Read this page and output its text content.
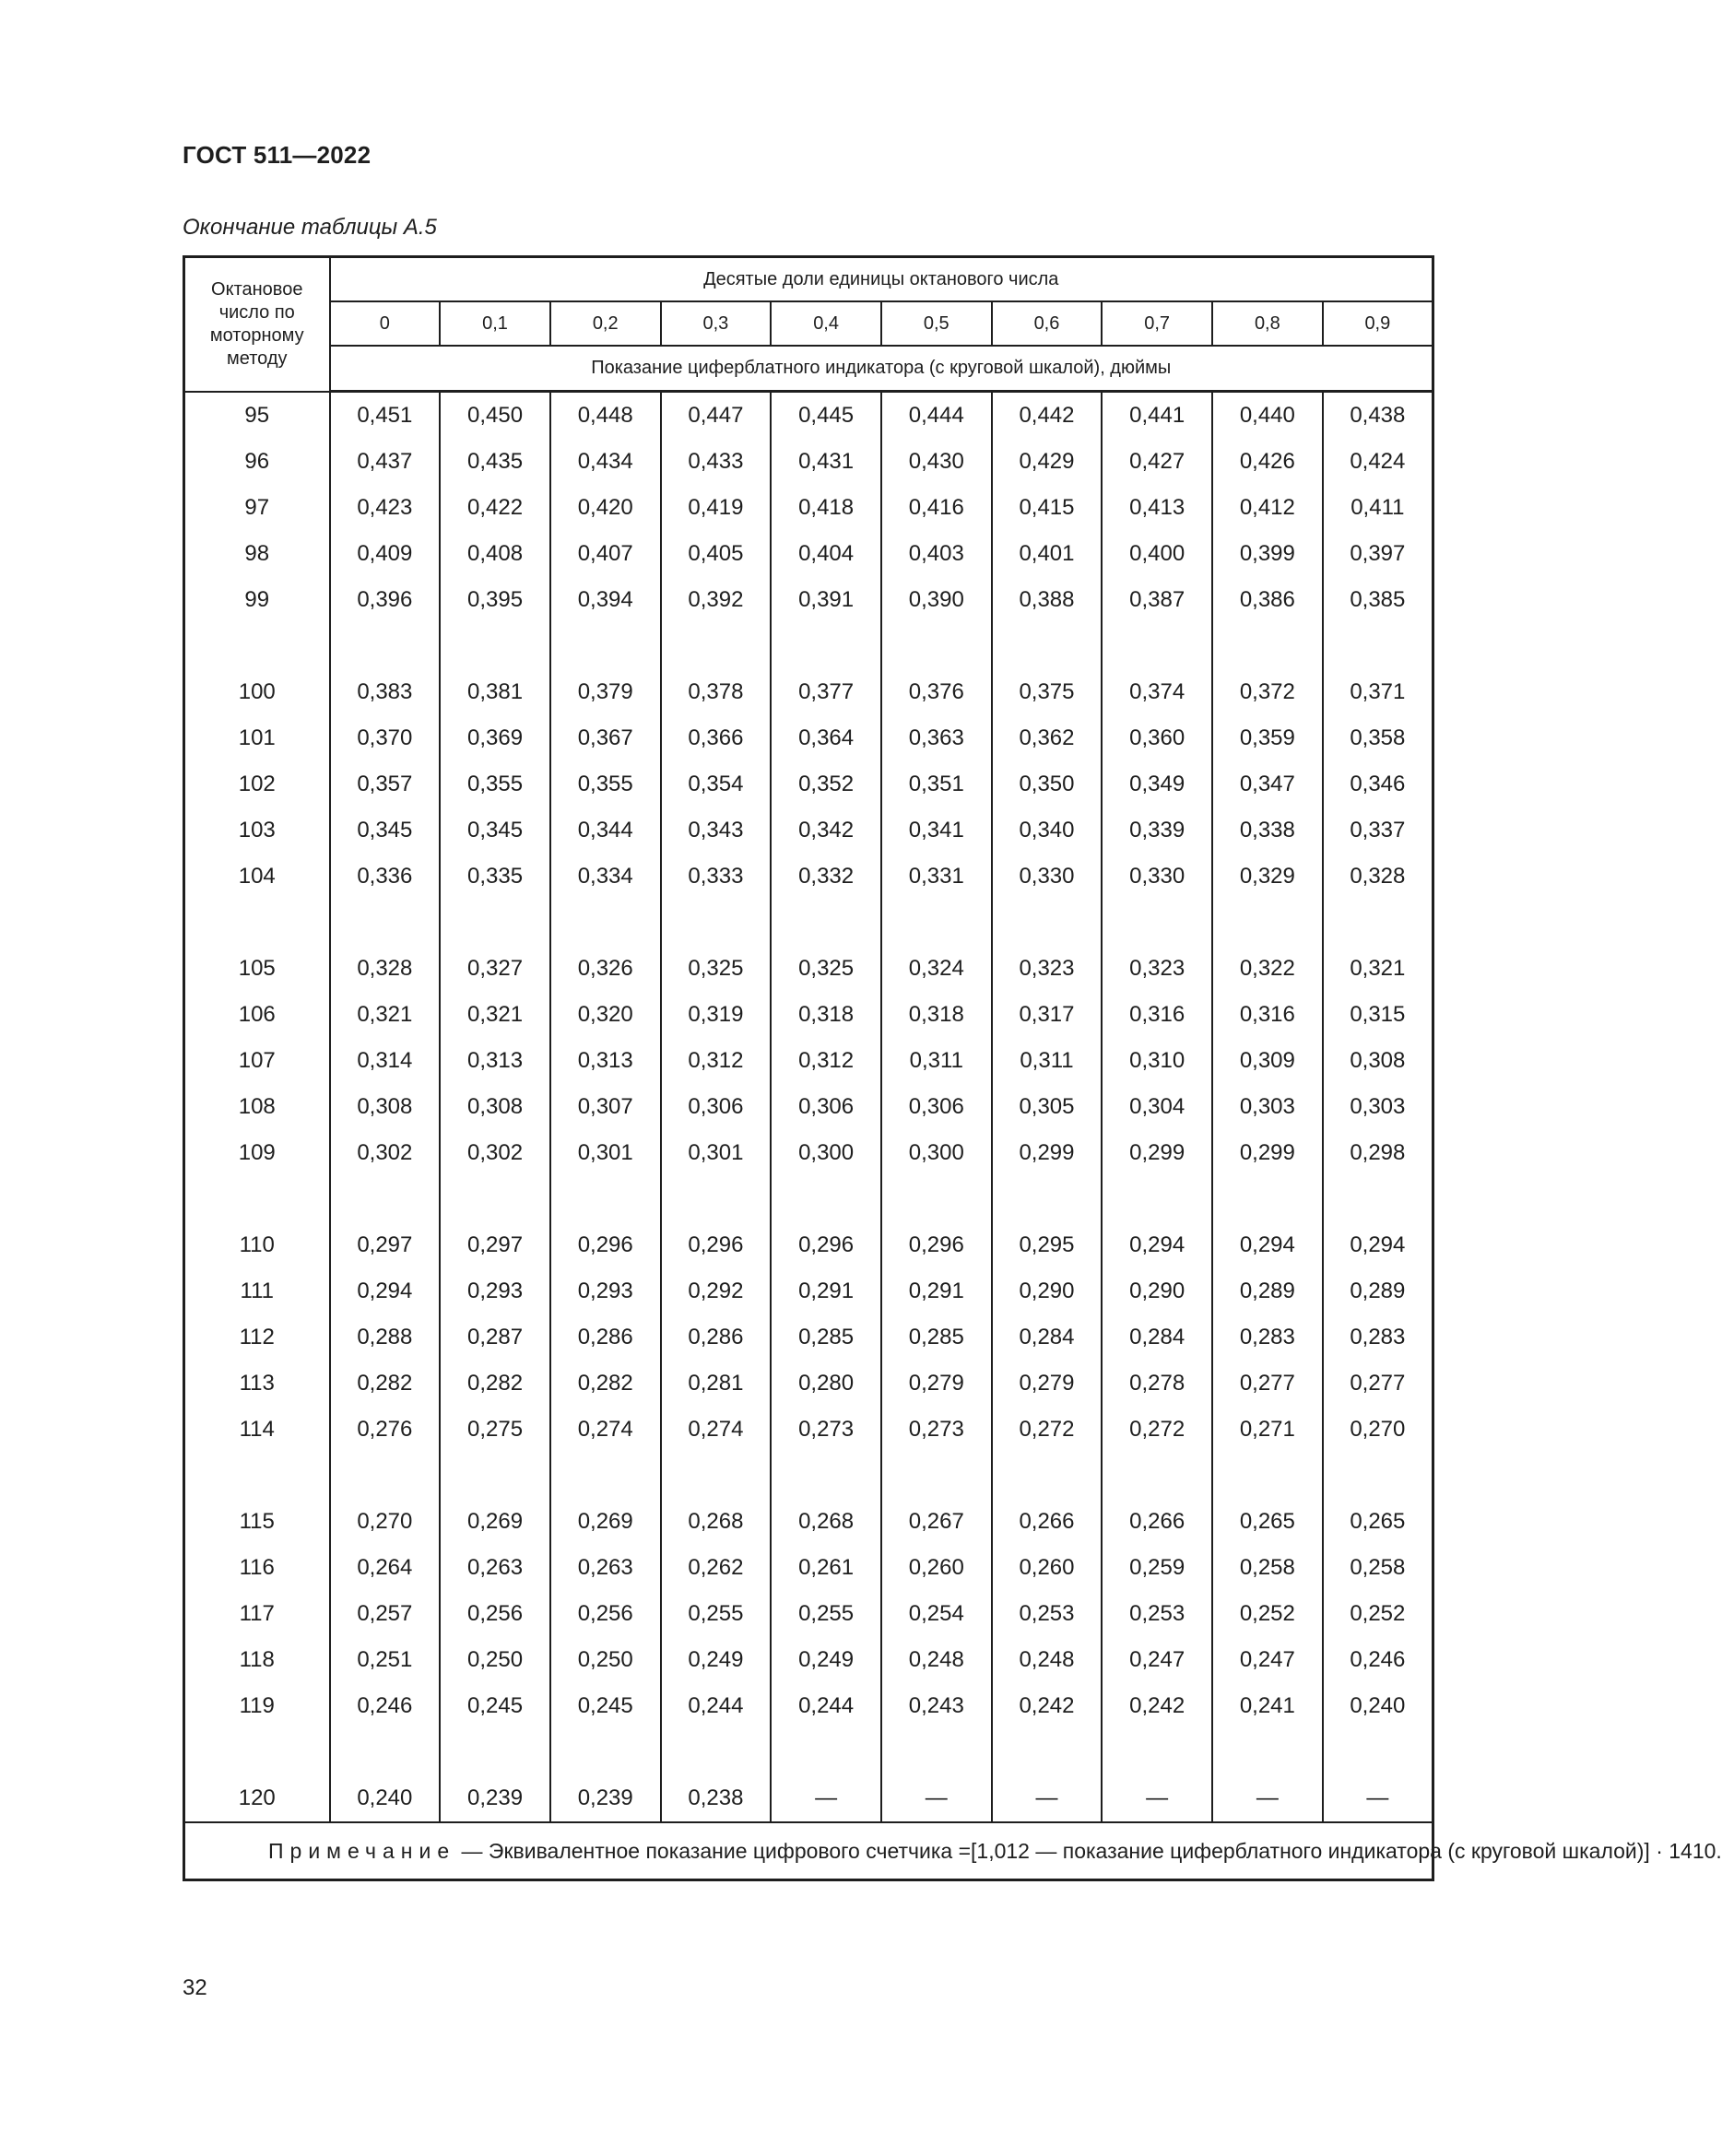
ГОСТ 511—2022
Окончание таблицы А.5
Октановое число по моторному методу	Десятые доли единицы октанового числа									
	0	0,1	0,2	0,3	0,4	0,5	0,6	0,7	0,8	0,9
	Показание циферблатного индикатора (с круговой шкалой), дюймы									
95	0,451	0,450	0,448	0,447	0,445	0,444	0,442	0,441	0,440	0,438
96	0,437	0,435	0,434	0,433	0,431	0,430	0,429	0,427	0,426	0,424
97	0,423	0,422	0,420	0,419	0,418	0,416	0,415	0,413	0,412	0,411
98	0,409	0,408	0,407	0,405	0,404	0,403	0,401	0,400	0,399	0,397
99	0,396	0,395	0,394	0,392	0,391	0,390	0,388	0,387	0,386	0,385

100	0,383	0,381	0,379	0,378	0,377	0,376	0,375	0,374	0,372	0,371
101	0,370	0,369	0,367	0,366	0,364	0,363	0,362	0,360	0,359	0,358
102	0,357	0,355	0,355	0,354	0,352	0,351	0,350	0,349	0,347	0,346
103	0,345	0,345	0,344	0,343	0,342	0,341	0,340	0,339	0,338	0,337
104	0,336	0,335	0,334	0,333	0,332	0,331	0,330	0,330	0,329	0,328

105	0,328	0,327	0,326	0,325	0,325	0,324	0,323	0,323	0,322	0,321
106	0,321	0,321	0,320	0,319	0,318	0,318	0,317	0,316	0,316	0,315
107	0,314	0,313	0,313	0,312	0,312	0,311	0,311	0,310	0,309	0,308
108	0,308	0,308	0,307	0,306	0,306	0,306	0,305	0,304	0,303	0,303
109	0,302	0,302	0,301	0,301	0,300	0,300	0,299	0,299	0,299	0,298

110	0,297	0,297	0,296	0,296	0,296	0,296	0,295	0,294	0,294	0,294
111	0,294	0,293	0,293	0,292	0,291	0,291	0,290	0,290	0,289	0,289
112	0,288	0,287	0,286	0,286	0,285	0,285	0,284	0,284	0,283	0,283
113	0,282	0,282	0,282	0,281	0,280	0,279	0,279	0,278	0,277	0,277
114	0,276	0,275	0,274	0,274	0,273	0,273	0,272	0,272	0,271	0,270

115	0,270	0,269	0,269	0,268	0,268	0,267	0,266	0,266	0,265	0,265
116	0,264	0,263	0,263	0,262	0,261	0,260	0,260	0,259	0,258	0,258
117	0,257	0,256	0,256	0,255	0,255	0,254	0,253	0,253	0,252	0,252
118	0,251	0,250	0,250	0,249	0,249	0,248	0,248	0,247	0,247	0,246
119	0,246	0,245	0,245	0,244	0,244	0,243	0,242	0,242	0,241	0,240

120	0,240	0,239	0,239	0,238	—	—	—	—	—	—
Примечание — Эквивалентное показание цифрового счетчика =[1,012 — показание циферблатного индикатора (с круговой шкалой)] · 1410.										
32
